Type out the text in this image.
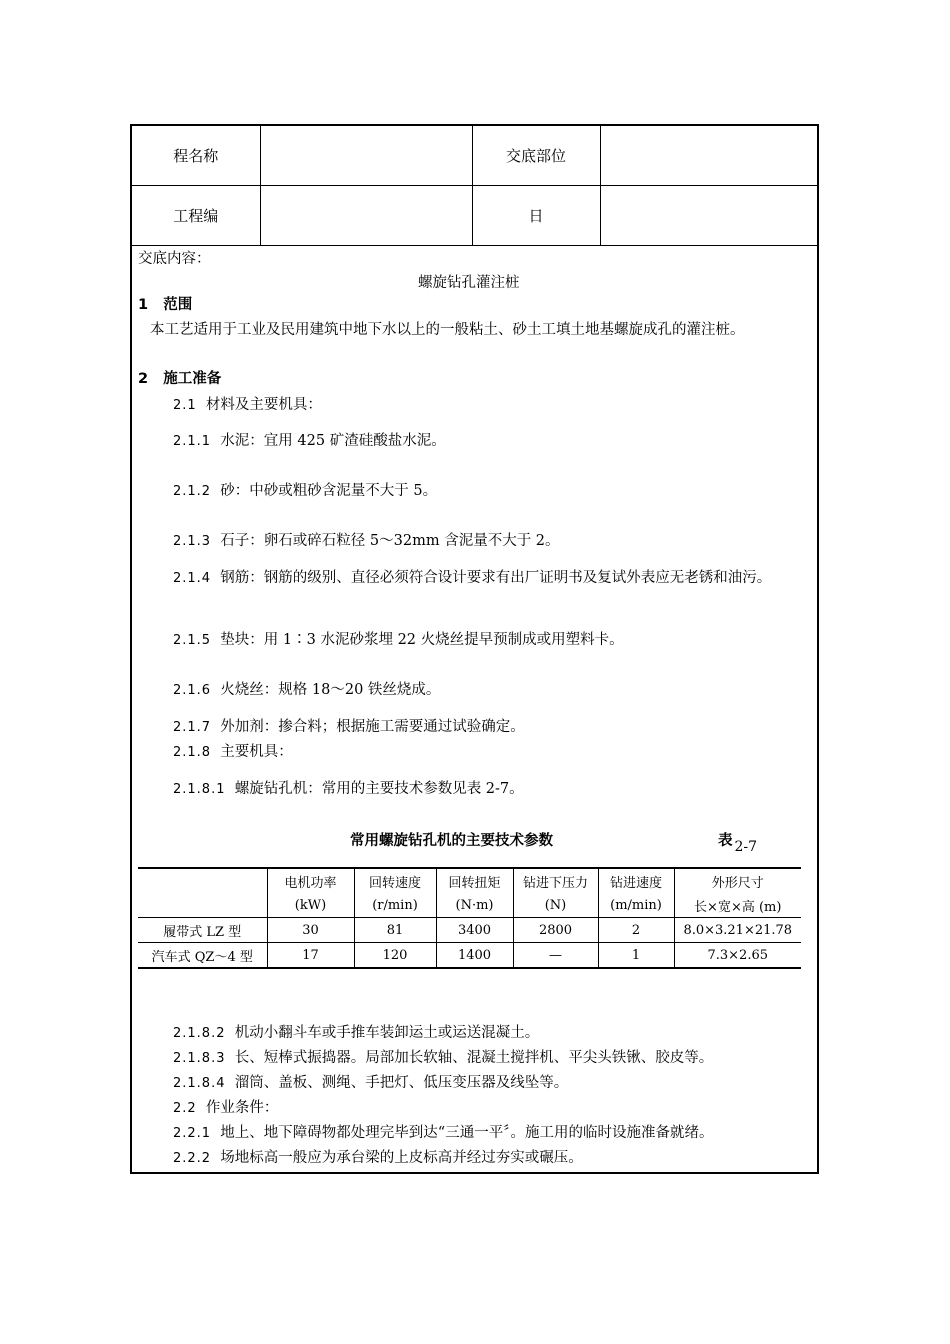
程名称		交底部位	
工程编		日	
交底内容：
螺旋钻孔灌注桩
1 范围
本工艺适用于工业及民用建筑中地下水以上的一般粘土、砂土工填土地基螺旋成孔的灌注桩。
2 施工准备
2.1 材料及主要机具：
2.1.1 水泥：宜用 425 矿渣硅酸盐水泥。
2.1.2 砂：中砂或粗砂含泥量不大于 5。
2.1.3 石子：卵石或碎石粒径 5～32mm 含泥量不大于 2。
2.1.4 钢筋：钢筋的级别、直径必须符合设计要求有出厂证明书及复试外表应无老锈和油污。
2.1.5 垫块：用 1∶3 水泥砂浆埋 22 火烧丝提早预制成或用塑料卡。
2.1.6 火烧丝：规格 18～20 铁丝烧成。
2.1.7 外加剂：掺合料；根据施工需要通过试验确定。
2.1.8 主要机具：
2.1.8.1 螺旋钻孔机：常用的主要技术参数见表 2-7。
常用螺旋钻孔机的主要技术参数	表 2-7
	电机功率	回转速度	回转扭矩	钻进下压力	钻进速度	外形尺寸
	(kW)	(r/min)	(N·m)	(N)	(m/min)	长×宽×高 (m)
履带式 LZ 型	30	81	3400	2800	2	8.0×3.21×21.78
汽车式 QZ～4 型	17	120	1400	—	1	7.3×2.65
2.1.8.2 机动小翻斗车或手推车装卸运土或运送混凝土。
2.1.8.3 长、短棒式振捣器。局部加长软轴、混凝土搅拌机、平尖头铁锹、胶皮等。
2.1.8.4 溜筒、盖板、测绳、手把灯、低压变压器及线坠等。
2.2 作业条件：
2.2.1 地上、地下障碍物都处理完毕到达“三通一平〞。施工用的临时设施准备就绪。
2.2.2 场地标高一般应为承台梁的上皮标高并经过夯实或碾压。
